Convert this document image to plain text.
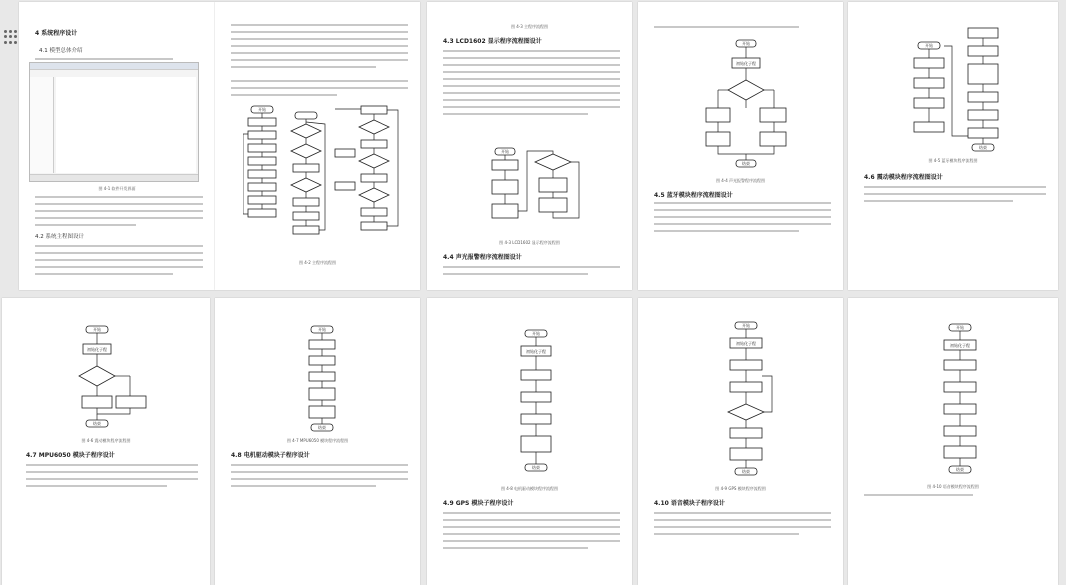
4 系统程序设计
4.1 模型总体介绍
图 4-1 软件开发界面
4.2 系统主程图设计
开始
图 4-2 主程序流程图
图 4-3 主程序流程图
4.3 LCD1602 显示程序流程图设计
开始
图 4-3 LCD1602 显示程序流程图
4.4 声光报警程序流程图设计
开始
初始化子程
结束
图 4-4 声光报警程序流程图
4.5 蓝牙模块程序流程图设计
开始
结束
图 4-5 蓝牙模块程序流程图
4.6 震动模块程序流程图设计
开始
初始化子程
结束
图 4-6 震动模块程序流程图
4.7 MPU6050 模块子程序设计
开始
结束
图 4-7 MPU6050 模块程序流程图
4.8 电机驱动模块子程序设计
开始
初始化子程
结束
图 4-8 电机驱动模块程序流程图
4.9 GPS 模块子程序设计
开始
初始化子程
结束
图 4-9 GPS 模块程序流程图
4.10 语音模块子程序设计
开始
初始化子程
结束
图 4-10 语音模块程序流程图
